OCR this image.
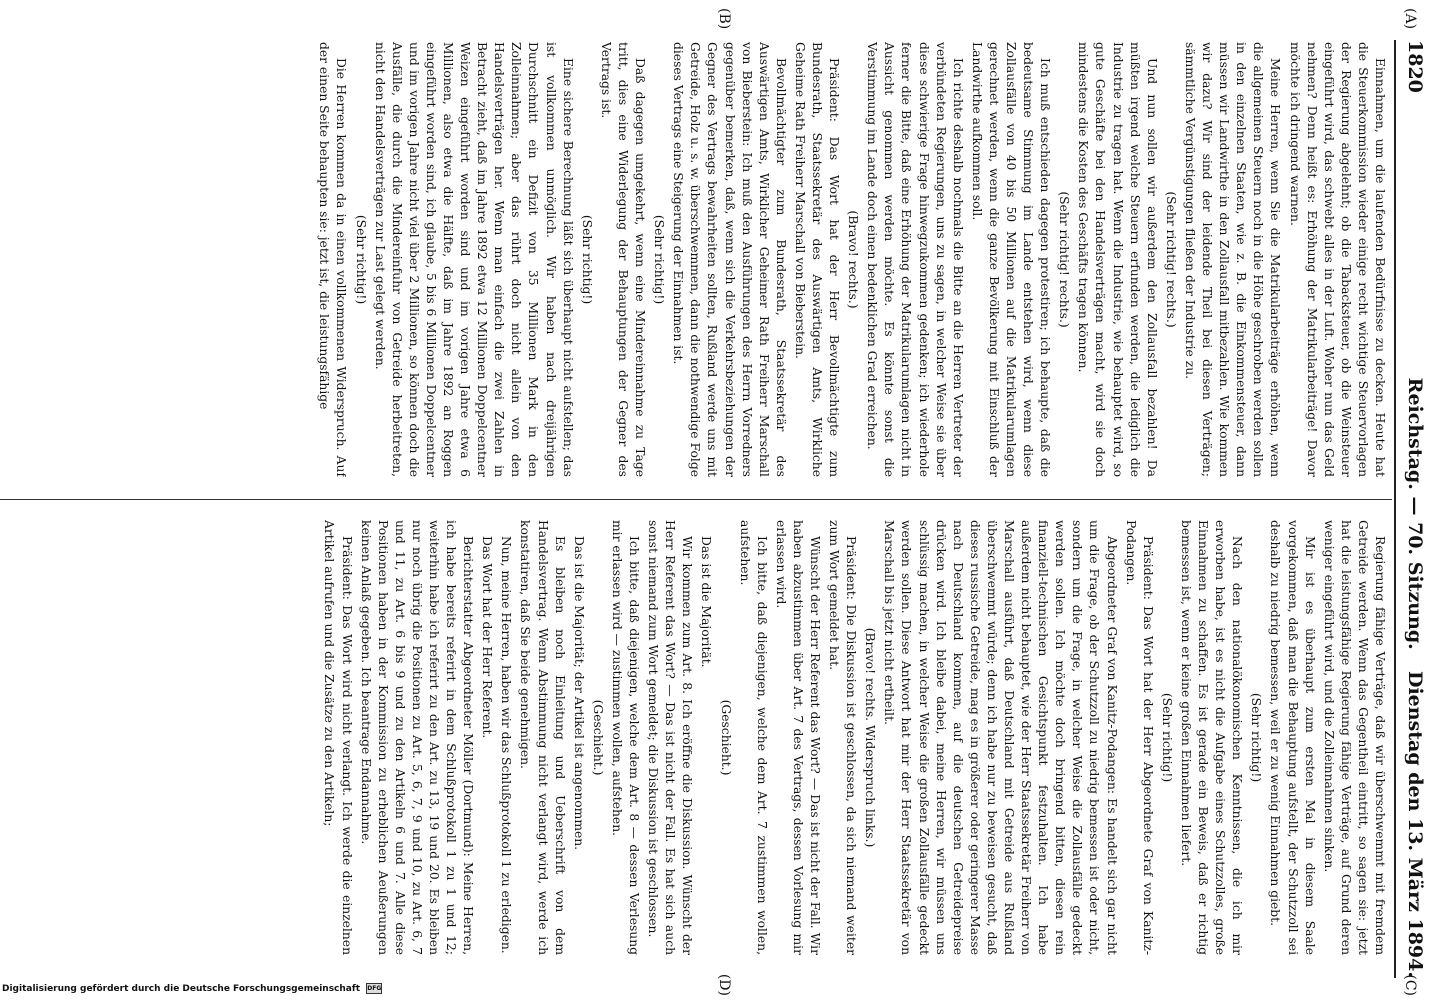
1820
Reichstag. — 70. Sitzung.
Dienstag den 13. März 1894.
(A)
(B)
(C)
(D)

Einnahmen, um die laufenden Bedürfnisse zu decken. Heute hat die Steuerkommission wieder einige recht wichtige Steuervorlagen der Regierung abgelehnt; ob die Tabacksteuer, ob die Weinsteuer eingeführt wird, das schwebt alles in der Luft. Woher nun das Geld nehmen? Denn heißt es: Erhöhung der Matrikularbeiträge! Davor möchte ich dringend warnen.

Meine Herren, wenn Sie die Matrikularbeiträge erhöhen, wenn die allgemeinen Steuern noch in die Höhe geschroben werden sollen in den einzelnen Staaten, wie z. B. die Einkommensteuer, dann müssen wir Landwirthe in den Zollausfall mitbezahlen. Wie kommen wir dazu? Wir sind der leidende Theil bei diesen Verträgen; sämmtliche Vergünstigungen fließen der Industrie zu.

(Sehr richtig! rechts.)

Und nun sollen wir außerdem den Zollausfall bezahlen! Da müßten irgend welche Steuern erfunden werden, die lediglich die Industrie zu tragen hat. Wenn die Industrie, wie behauptet wird, so gute Geschäfte bei den Handelsverträgen macht, wird sie doch mindestens die Kosten des Geschäfts tragen können.

(Sehr richtig! rechts.)

Ich muß entschieden dagegen protestiren; ich behaupte, daß die bedeutsame Stimmung im Lande entstehen wird, wenn diese Zollausfälle von 40 bis 50 Millionen auf die Matrikularumlagen gerechnet werden, wenn die ganze Bevölkerung mit Einschluß der Landwirthe aufkommen soll.

Ich richte deshalb nochmals die Bitte an die Herren Vertreter der verbündeten Regierungen, uns zu sagen, in welcher Weise sie über diese schwierige Frage hinwegzukommen gedenken; ich wiederhole ferner die Bitte, daß eine Erhöhung der Matrikularumlagen nicht in Aussicht genommen werden möchte. Es könnte sonst die Verstimmung im Lande doch einen bedenklichen Grad erreichen.

(Bravo! rechts.)

Präsident: Das Wort hat der Herr Bevollmächtigte zum Bundesrath, Staatssekretär des Auswärtigen Amts, Wirkliche Geheime Rath Freiherr Marschall von Bieberstein.

Bevollmächtigter zum Bundesrath, Staatssekretär des Auswärtigen Amts, Wirklicher Geheimer Rath Freiherr Marschall von Bieberstein: Ich muß den Ausführungen des Herrn Vorredners gegenüber bemerken, daß, wenn sich die Verkehrsbeziehungen der Gegner des Vertrags bewahrheiten sollten, Rußland werde uns mit Getreide, Holz u. s. w. überschwemmen, dann die nothwendige Folge dieses Vertrags eine Steigerung der Einnahmen ist.

(Sehr richtig!)

Daß dagegen umgekehrt, wenn eine Mindereinnahme zu Tage tritt, dies eine Widerlegung der Behauptungen der Gegner des Vertrags ist.

(Sehr richtig!)

Eine sichere Berechnung läßt sich überhaupt nicht aufstellen; das ist vollkommen unmöglich. Wir haben nach dreijährigen Durchschnitt ein Defizit von 35 Millionen Mark in den Zolleinnahmen; aber das rührt doch nicht allein von den Handelsverträgen her. Wenn man einfach die zwei Zahlen in Betracht zieht, daß im Jahre 1892 etwa 12 Millionen Doppelcentner Weizen eingeführt worden sind und im vorigen Jahre etwa 6 Millionen, also etwa die Hälfte, daß im Jahre 1892 an Roggen eingeführt worden sind, ich glaube, 5 bis 6 Millionen Doppelcentner und im vorigen Jahre nicht viel über 2 Millionen, so können doch die Ausfälle, die durch die Mindereinfuhr von Getreide herbeitreten, nicht den Handelsverträgen zur Last gelegt werden.

(Sehr richtig!)

Die Herren kommen da in einen vollkommenen Widerspruch. Auf der einen Seite behaupten sie: jetzt ist, die leistungsfähige

Regierung fähige Verträge, daß wir überschwemmt mit fremdem Getreide werden. Wenn das Gegentheil eintritt, so sagen sie: jetzt hat die leistungsfähige Regierung fähige Verträge, auf Grund deren weniger eingeführt wird, und die Zolleinnahmen sinken.

Mir ist es überhaupt zum ersten Mal in diesem Saale vorgekommen, daß man die Behauptung aufstellt, der Schutzzoll sei deshalb zu niedrig bemessen, weil er zu wenig Einnahmen giebt.

(Sehr richtig!)

Nach den nationalökonomischen Kenntnissen, die ich mir erworben habe, ist es nicht die Aufgabe eines Schutzzolles, große Einnahmen zu schaffen. Es ist gerade ein Beweis, daß er richtig bemessen ist, wenn er keine großen Einnahmen liefert.

(Sehr richtig!)

Präsident: Das Wort hat der Herr Abgeordnete Graf von Kanitz-Podangen.

Abgeordneter Graf von Kanitz-Podangen: Es handelt sich gar nicht um die Frage, ob der Schutzzoll zu niedrig bemessen ist oder nicht, sondern um die Frage, in welcher Weise die Zollausfälle gedeckt werden sollen. Ich möchte doch bringend bitten, diesen rein finanziell-technischen Gesichtspunkt festzuhalten. Ich habe außerdem nicht behauptet, wie der Herr Staatssekretär Freiherr von Marschall ausführt, daß Deutschland mit Getreide aus Rußland überschwemmt würde; denn ich habe nur zu beweisen gesucht, daß dieses russische Getreide, mag es in größerer oder geringerer Masse nach Deutschland kommen, auf die deutschen Getreidepreise drücken wird. Ich bleibe dabei, meine Herren, wir müssen uns schlüssig machen, in welcher Weise die großen Zollausfälle gedeckt werden sollen. Diese Antwort hat mir der Herr Staatssekretär von Marschall bis jetzt nicht ertheilt.

(Bravo! rechts. Widerspruch links.)

Präsident: Die Diskussion ist geschlossen, da sich niemand weiter zum Wort gemeldet hat.

Wünscht der Herr Referent das Wort? — Das ist nicht der Fall. Wir haben abzustimmen über Art. 7 des Vertrags, dessen Vorlesung mir erlassen wird.

Ich bitte, daß diejenigen, welche dem Art. 7 zustimmen wollen, aufstehen.

(Geschieht.)

Das ist die Majorität.

Wir kommen zum Art. 8. Ich eröffne die Diskussion. Wünscht der Herr Referent das Wort? — Das ist nicht der Fall. Es hat sich auch sonst niemand zum Wort gemeldet; die Diskussion ist geschlossen.

Ich bitte, daß diejenigen, welche dem Art. 8 — dessen Verlesung mir erlassen wird — zustimmen wollen, aufstehen.

(Geschieht.)

Das ist die Majorität; der Artikel ist angenommen.

Es bleiben noch Einleitung und Ueberschrift von dem Handelsvertrag. Wenn Abstimmung nicht verlangt wird, werde ich konstatiren, daß Sie beide genehmigen.

Nun, meine Herren, haben wir das Schlußprotokoll 1 zu erledigen.

Das Wort hat der Herr Referent.

Berichterstatter Abgeordneter Möller (Dortmund): Meine Herren, ich habe bereits referirt in dem Schlußprotokoll 1 zu 1 und 12; weiterhin habe ich referirt zu den Art. zu 13, 19 und 20. Es bleiben nur noch übrig die Positionen zu Art. 5, 6, 7, 9 und 10, zu Art. 6, 7 und 11, zu Art. 6 bis 9 und zu den Artikeln 6 und 7. Alle diese Positionen haben in der Kommission zu erheblichen Aeußerungen keinen Anlaß gegeben. Ich beantrage Endannahme.

Präsident: Das Wort wird nicht verlangt. Ich werde die einzelnen Artikel aufrufen und die Zusätze zu den Artikeln;

Digitalisierung gefördert durch die Deutsche Forschungsgemeinschaft DFG
